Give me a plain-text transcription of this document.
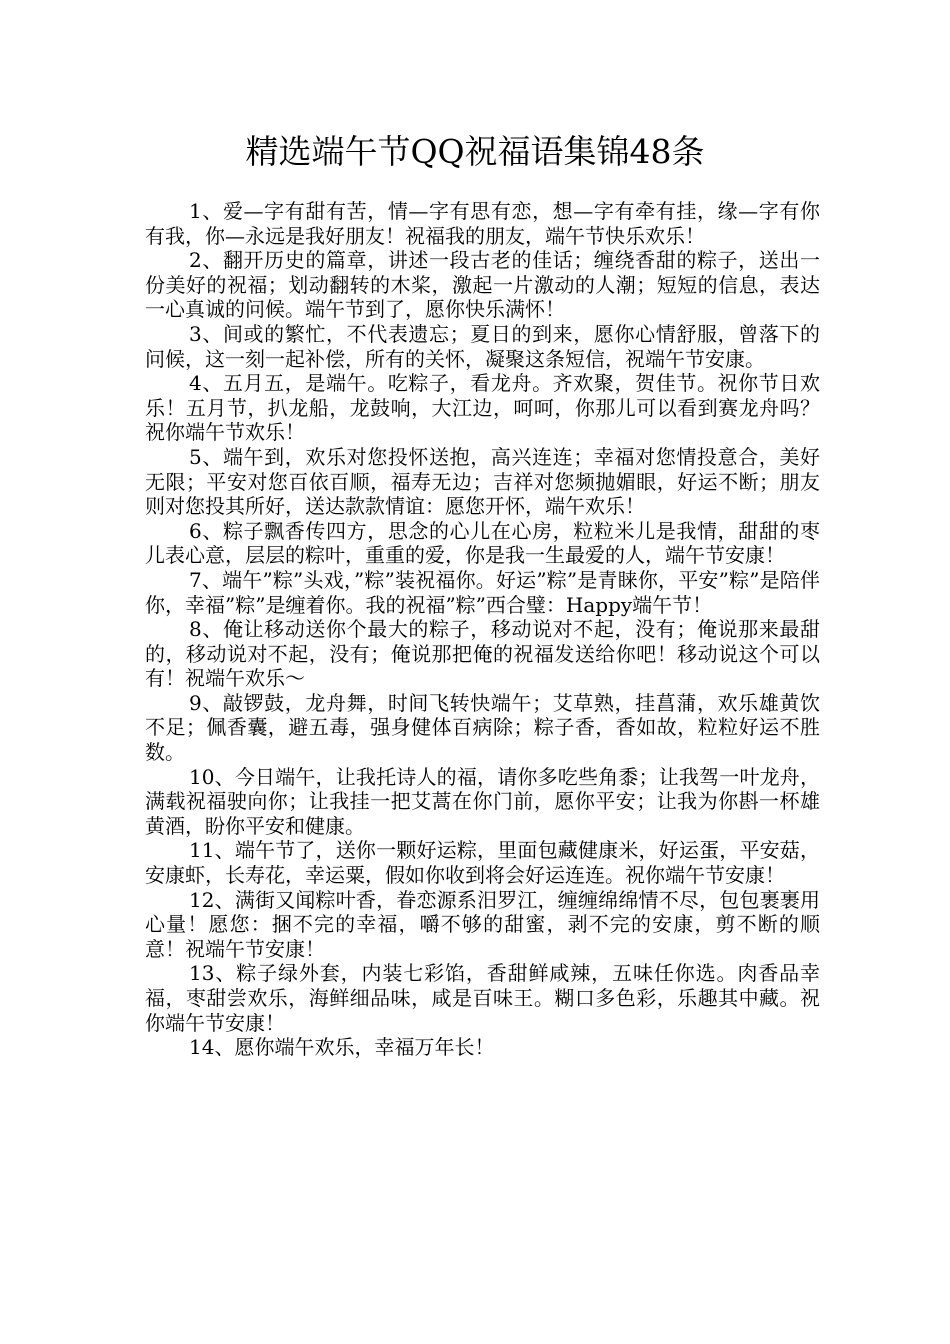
精选端午节QQ祝福语集锦48条

1、爱—字有甜有苦，情—字有思有恋，想—字有牵有挂，缘—字有你有我，你—永远是我好朋友！祝福我的朋友，端午节快乐欢乐！

2、翻开历史的篇章，讲述一段古老的佳话；缠绕香甜的粽子，送出一份美好的祝福；划动翻转的木桨，激起一片激动的人潮；短短的信息，表达一心真诚的问候。端午节到了，愿你快乐满怀！

3、间或的繁忙，不代表遗忘；夏日的到来，愿你心情舒服，曾落下的问候，这一刻一起补偿，所有的关怀，凝聚这条短信，祝端午节安康。

4、五月五，是端午。吃粽子，看龙舟。齐欢聚，贺佳节。祝你节日欢乐！五月节，扒龙船，龙鼓响，大江边，呵呵，你那儿可以看到赛龙舟吗？祝你端午节欢乐！

5、端午到，欢乐对您投怀送抱，高兴连连；幸福对您情投意合，美好无限；平安对您百依百顺，福寿无边；吉祥对您频抛媚眼，好运不断；朋友则对您投其所好，送达款款情谊：愿您开怀，端午欢乐！

6、粽子飘香传四方，思念的心儿在心房，粒粒米儿是我情，甜甜的枣儿表心意，层层的粽叶，重重的爱，你是我一生最爱的人，端午节安康！

7、端午”粽”头戏，”粽”装祝福你。好运”粽”是青睐你，平安”粽”是陪伴你，幸福”粽”是缠着你。我的祝福”粽”西合璧：Happy端午节！

8、俺让移动送你个最大的粽子，移动说对不起，没有；俺说那来最甜的，移动说对不起，没有；俺说那把俺的祝福发送给你吧！移动说这个可以有！祝端午欢乐～

9、敲锣鼓，龙舟舞，时间飞转快端午；艾草熟，挂菖蒲，欢乐雄黄饮不足；佩香囊，避五毒，强身健体百病除；粽子香，香如故，粒粒好运不胜数。

10、今日端午，让我托诗人的福，请你多吃些角黍；让我驾一叶龙舟，满载祝福驶向你；让我挂一把艾蒿在你门前，愿你平安；让我为你斟一杯雄黄酒，盼你平安和健康。

11、端午节了，送你一颗好运粽，里面包藏健康米，好运蛋，平安菇，安康虾，长寿花，幸运粟，假如你收到将会好运连连。祝你端午节安康！

12、满街又闻粽叶香，眷恋源系汨罗江，缠缠绵绵情不尽，包包裹裹用心量！愿您：捆不完的幸福，嚼不够的甜蜜，剥不完的安康，剪不断的顺意！祝端午节安康！

13、粽子绿外套，内装七彩馅，香甜鲜咸辣，五味任你选。肉香品幸福，枣甜尝欢乐，海鲜细品味，咸是百味王。糊口多色彩，乐趣其中藏。祝你端午节安康！

14、愿你端午欢乐，幸福万年长！
